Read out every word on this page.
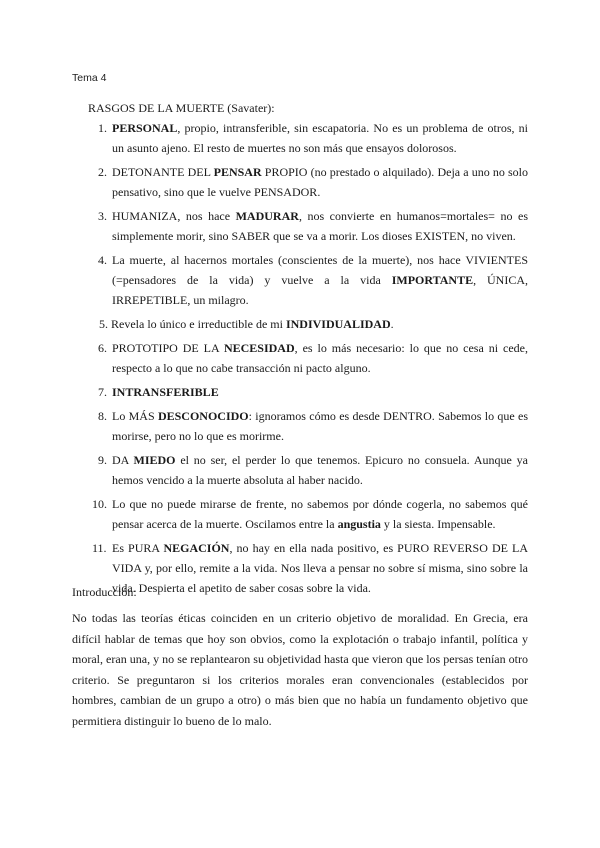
Tema 4
RASGOS DE LA MUERTE (Savater):
1. PERSONAL, propio, intransferible, sin escapatoria. No es un problema de otros, ni un asunto ajeno. El resto de muertes no son más que ensayos dolorosos.
2. DETONANTE DEL PENSAR PROPIO (no prestado o alquilado). Deja a uno no solo pensativo, sino que le vuelve PENSADOR.
3. HUMANIZA, nos hace MADURAR, nos convierte en humanos=mortales= no es simplemente morir, sino SABER que se va a morir. Los dioses EXISTEN, no viven.
4. La muerte, al hacernos mortales (conscientes de la muerte), nos hace VIVIENTES (=pensadores de la vida) y vuelve a la vida IMPORTANTE, ÚNICA, IRREPETIBLE, un milagro.
5. Revela lo único e irreductible de mi INDIVIDUALIDAD.
6. PROTOTIPO DE LA NECESIDAD, es lo más necesario: lo que no cesa ni cede, respecto a lo que no cabe transacción ni pacto alguno.
7. INTRANSFERIBLE
8. Lo MÁS DESCONOCIDO: ignoramos cómo es desde DENTRO. Sabemos lo que es morirse, pero no lo que es morirme.
9. DA MIEDO el no ser, el perder lo que tenemos. Epicuro no consuela. Aunque ya hemos vencido a la muerte absoluta al haber nacido.
10. Lo que no puede mirarse de frente, no sabemos por dónde cogerla, no sabemos qué pensar acerca de la muerte. Oscilamos entre la angustia y la siesta. Impensable.
11. Es PURA NEGACIÓN, no hay en ella nada positivo, es PURO REVERSO DE LA VIDA y, por ello, remite a la vida. Nos lleva a pensar no sobre sí misma, sino sobre la vida. Despierta el apetito de saber cosas sobre la vida.
Introducción:

No todas las teorías éticas coinciden en un criterio objetivo de moralidad. En Grecia, era difícil hablar de temas que hoy son obvios, como la explotación o trabajo infantil, política y moral, eran una, y no se replantearon su objetividad hasta que vieron que los persas tenían otro criterio. Se preguntaron si los criterios morales eran convencionales (establecidos por hombres, cambian de un grupo a otro) o más bien que no había un fundamento objetivo que permitiera distinguir lo bueno de lo malo.
